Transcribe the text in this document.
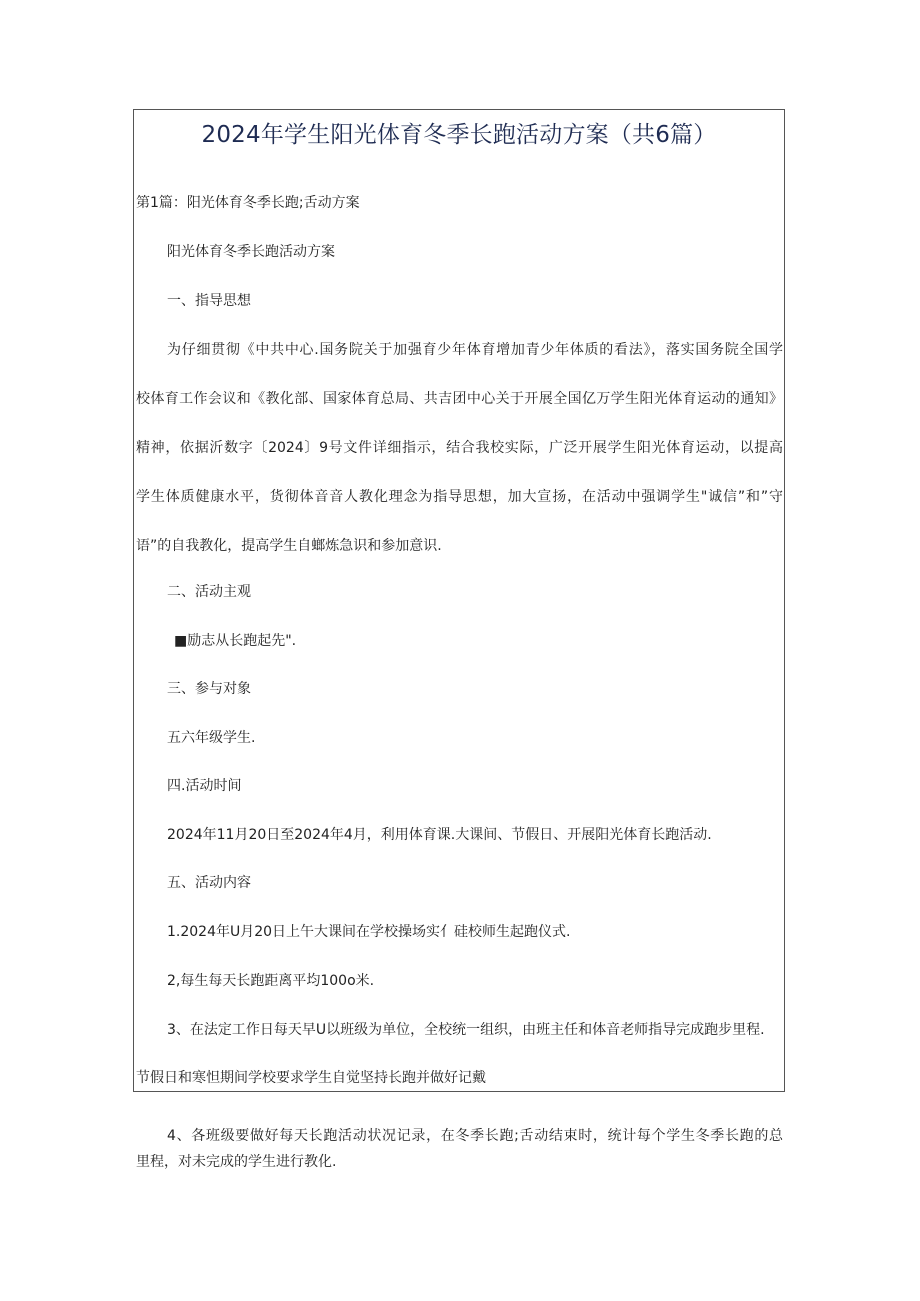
2024年学生阳光体育冬季长跑活动方案（共6篇）
第1篇：阳光体育冬季长跑;舌动方案
阳光体育冬季长跑活动方案
一、指导思想
为仔细贯彻《中共中心.国务院关于加强育少年体育增加青少年体质的看法》，落实国务院全国学
校体育工作会议和《教化部、国家体育总局、共吉团中心关于开展全国亿万学生阳光体育运动的通知》
精神，依据沂数字〔2024〕9号文件详细指示，结合我校实际，广泛开展学生阳光体育运动，以提高
学生体质健康水平，货彻体音音人教化理念为指导思想，加大宣扬，在活动中强调学生"诚信”和”守
语”的自我教化，提高学生自螂炼急识和参加意识.
二、活动主观
■励志从长跑起先".
三、参与对象
五六年级学生.
四.活动时间
2024年11月20日至2024年4月，利用体育课.大课间、节假日、开展阳光体育长跑活动.
五、活动内容
1.2024年U月20日上午大课间在学校操场实亻硅校师生起跑仪式.
2,每生每天长跑距离平均100o米.
3、在法定工作日每天早U以班级为单位，全校统一组织，由班主任和体音老师指导完成跑步里程.
节假日和寒怛期间学校要求学生自觉坚持长跑并做好记戴
4、各班级要做好每天长跑活动状况记录，在冬季长跑;舌动结束时，统计每个学生冬季长跑的总
里程，对未完成的学生进行教化.
